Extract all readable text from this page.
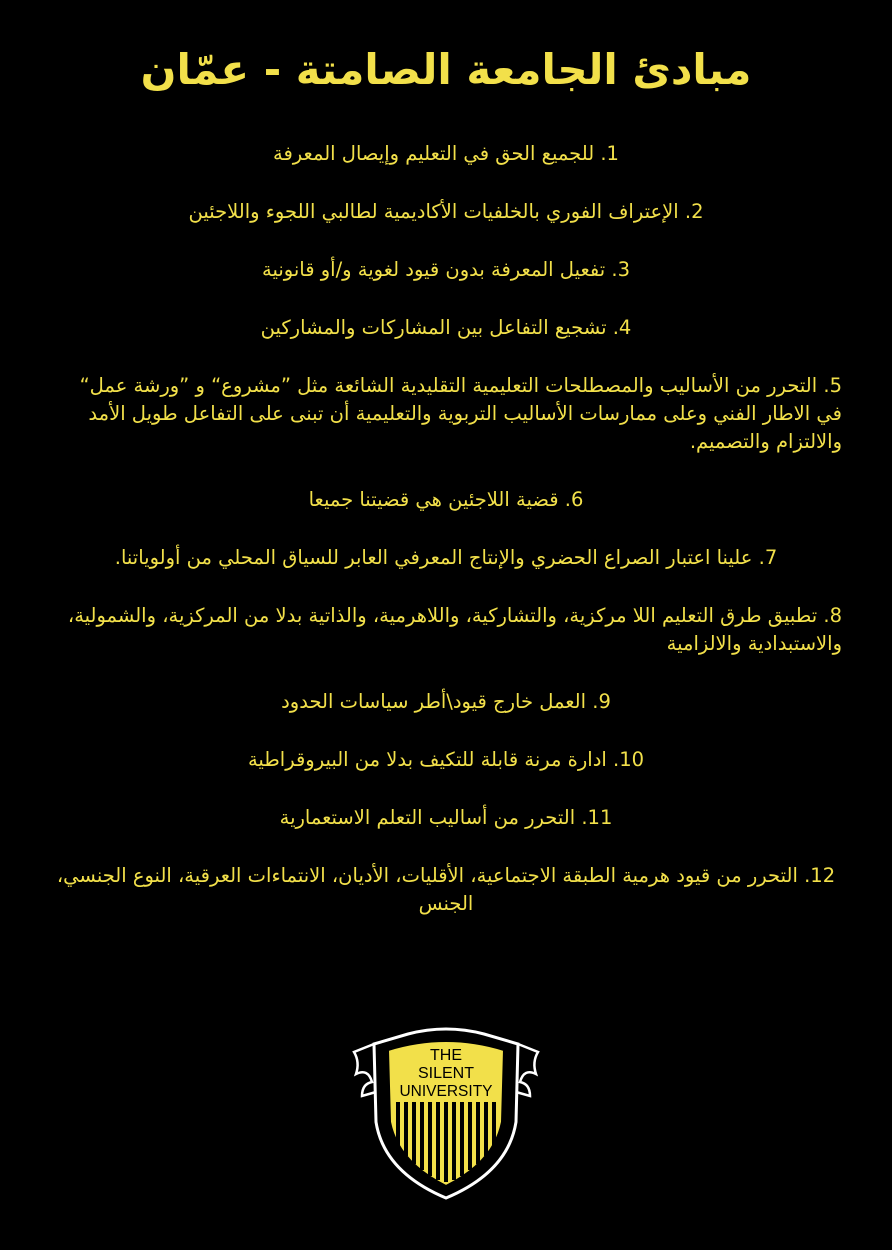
مبادئ الجامعة الصامتة - عمّان
1. للجميع الحق في التعليم وإيصال المعرفة
2. الإعتراف الفوري بالخلفيات الأكاديمية لطالبي اللجوء واللاجئين
3. تفعيل المعرفة بدون قيود لغوية و/أو قانونية
4. تشجيع التفاعل بين المشاركات والمشاركين
5. التحرر من الأساليب والمصطلحات التعليمية التقليدية الشائعة مثل ”مشروع“ و ”ورشة عمل“ في الاطار الفني وعلى ممارسات الأساليب التربوية والتعليمية أن تبنى على التفاعل طويل الأمد والالتزام والتصميم.
6. قضية اللاجئين هي قضيتنا جميعا
7. علينا اعتبار الصراع الحضري والإنتاج المعرفي العابر للسياق المحلي من أولوياتنا.
8. تطبيق طرق التعليم اللا مركزية، والتشاركية، واللاهرمية، والذاتية بدلا من المركزية، والشمولية، والاستبدادية والالزامية
9. العمل خارج قيود\أطر سياسات الحدود
10. ادارة مرنة قابلة للتكيف بدلا من البيروقراطية
11. التحرر من أساليب التعلم الاستعمارية
12. التحرر من قيود هرمية الطبقة الاجتماعية، الأقليات، الأديان، الانتماءات العرقية، النوع الجنسي، الجنس
THE
SILENT
UNIVERSITY
